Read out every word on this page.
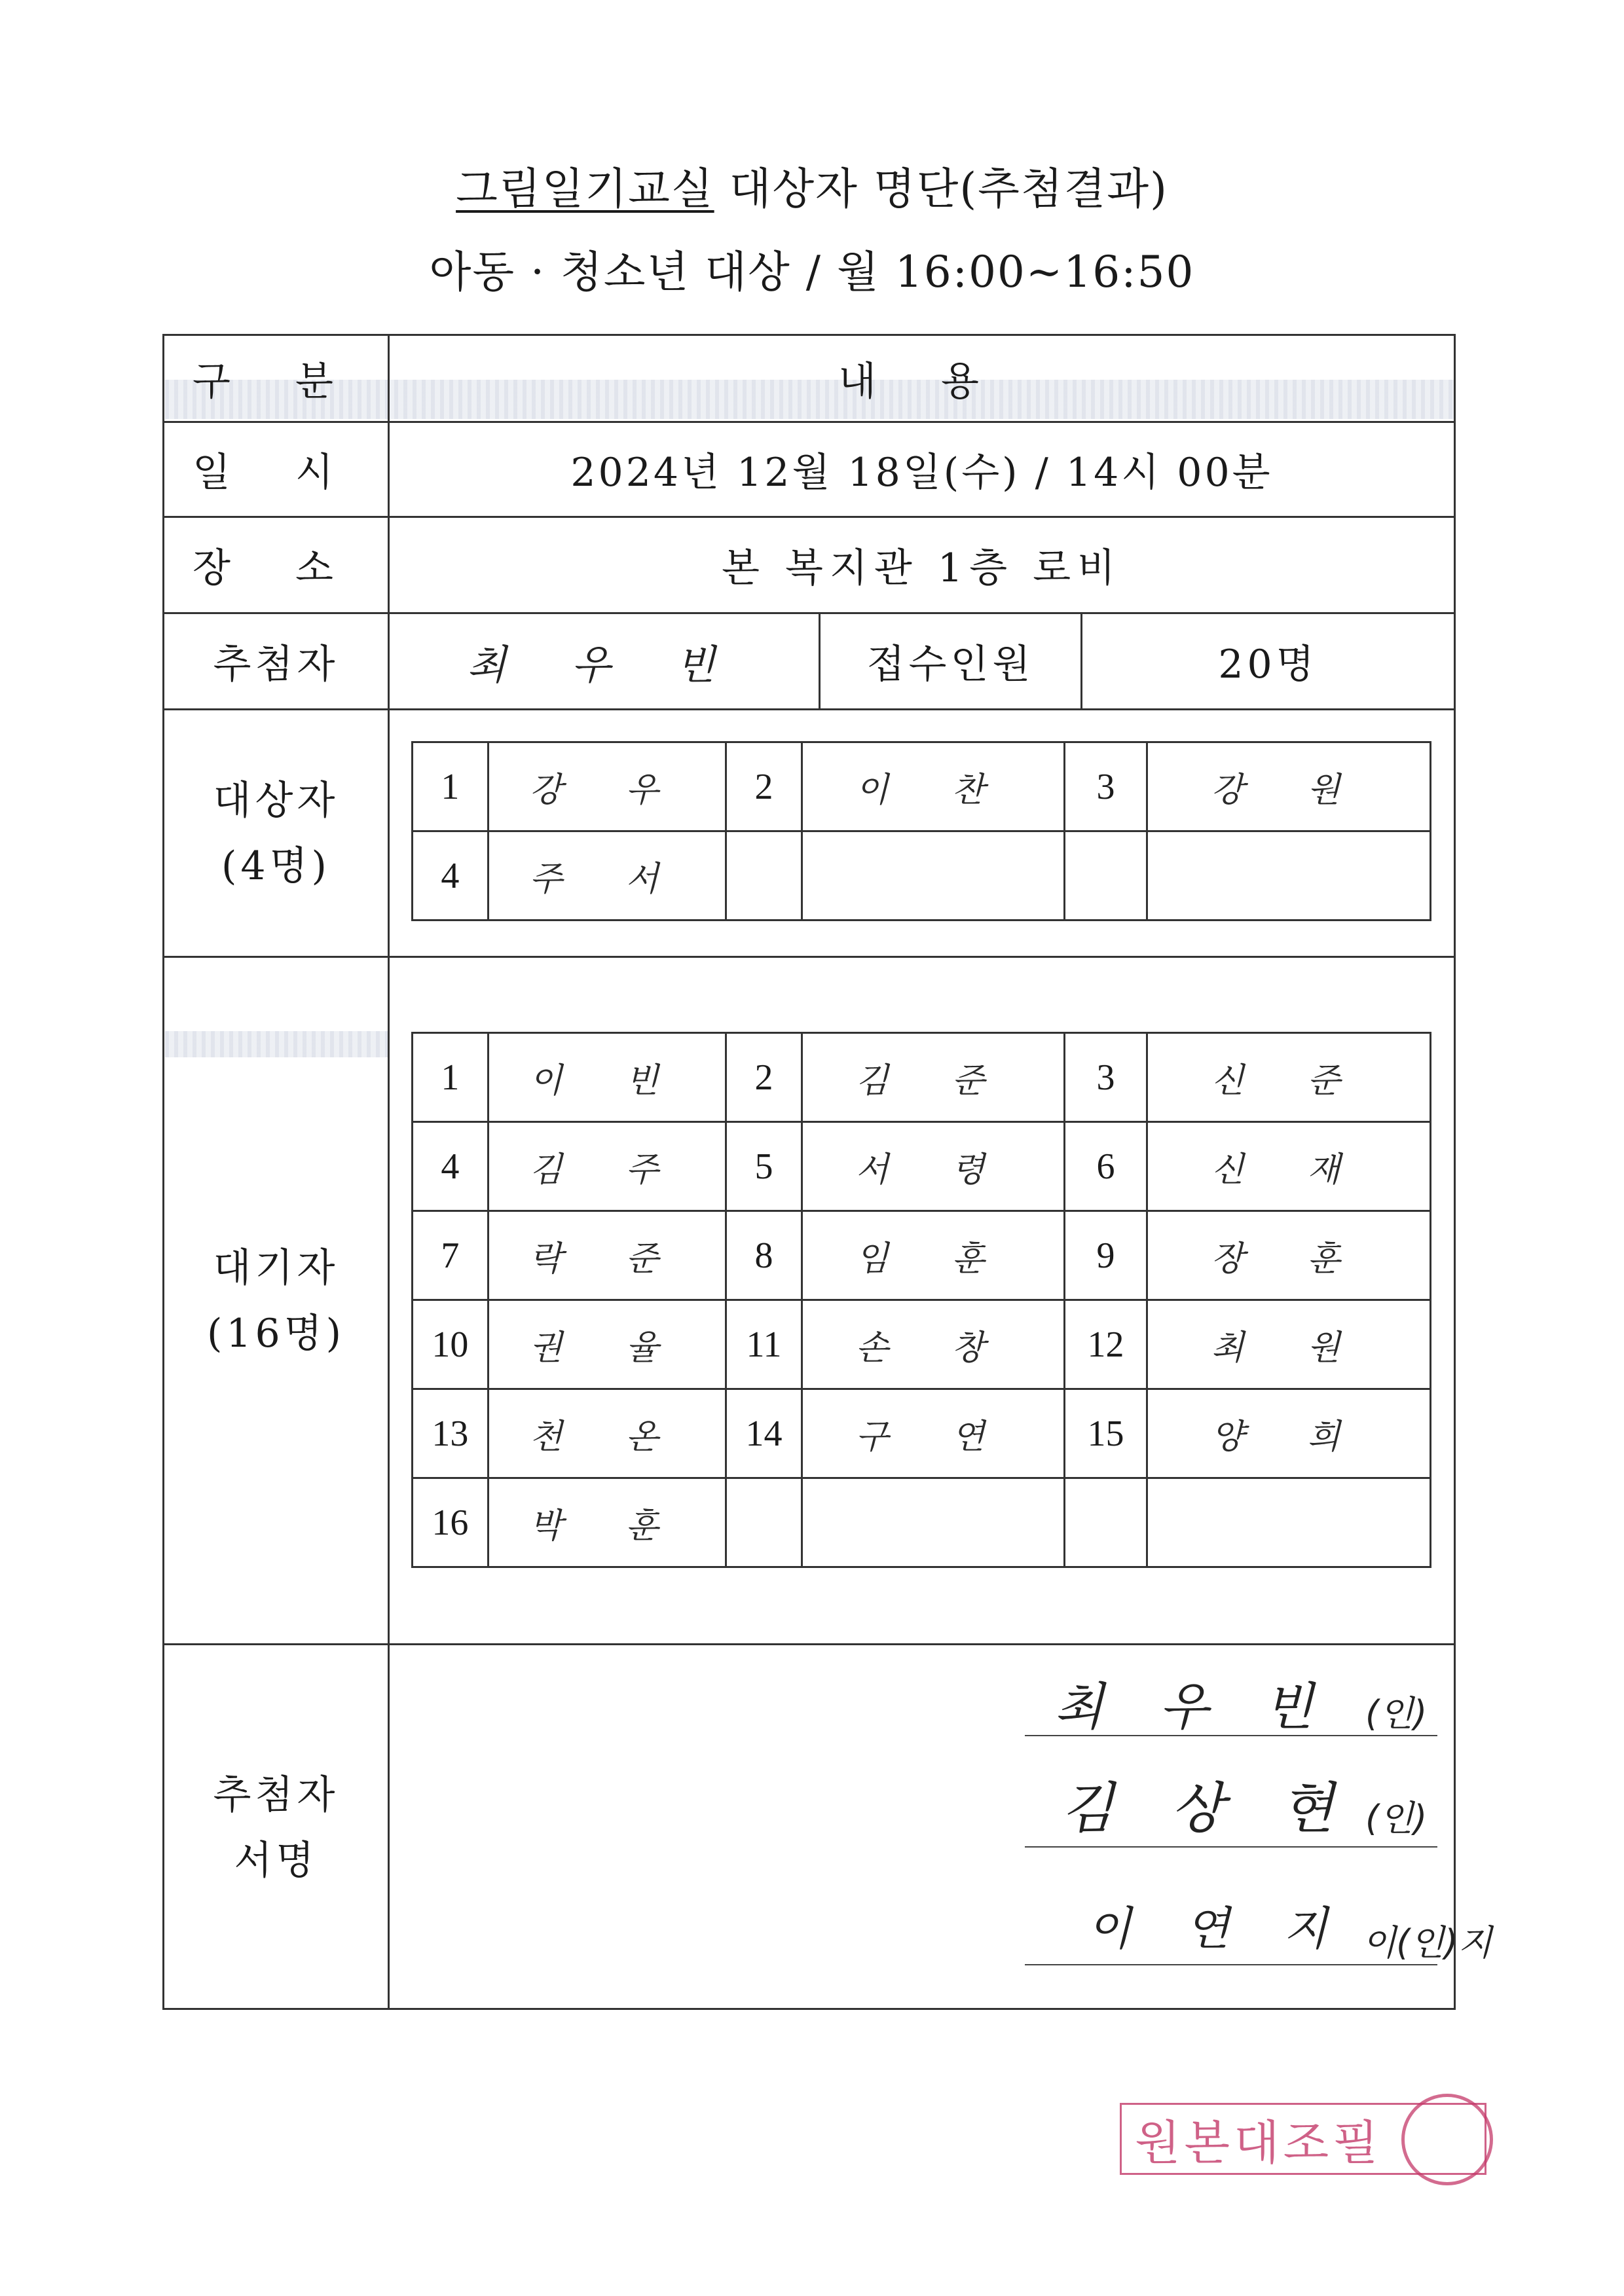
그림일기교실 대상자 명단(추첨결과)
아동 · 청소년 대상 / 월 16:00~16:50
구 분	내 용
일 시	2024년 12월 18일(수) / 14시 00분
장 소	본 복지관 1층 로비
추첨자	최 우 빈	접수인원	20명
대상자
(4명)
1	강 우	2	이 찬	3	강 원
4	주 서				
대기자
(16명)
1	이 빈	2	김 준	3	신 준
4	김 주	5	서 령	6	신 재
7	락 준	8	임 훈	9	장 훈
10	권 율	11	손 창	12	최 원
13	천 온	14	구 연	15	양 희
16	박 훈				
추첨자
서명
최 우 빈 (인)
김 상 현 (인)
이 연 지 이(인)지
원본대조필
